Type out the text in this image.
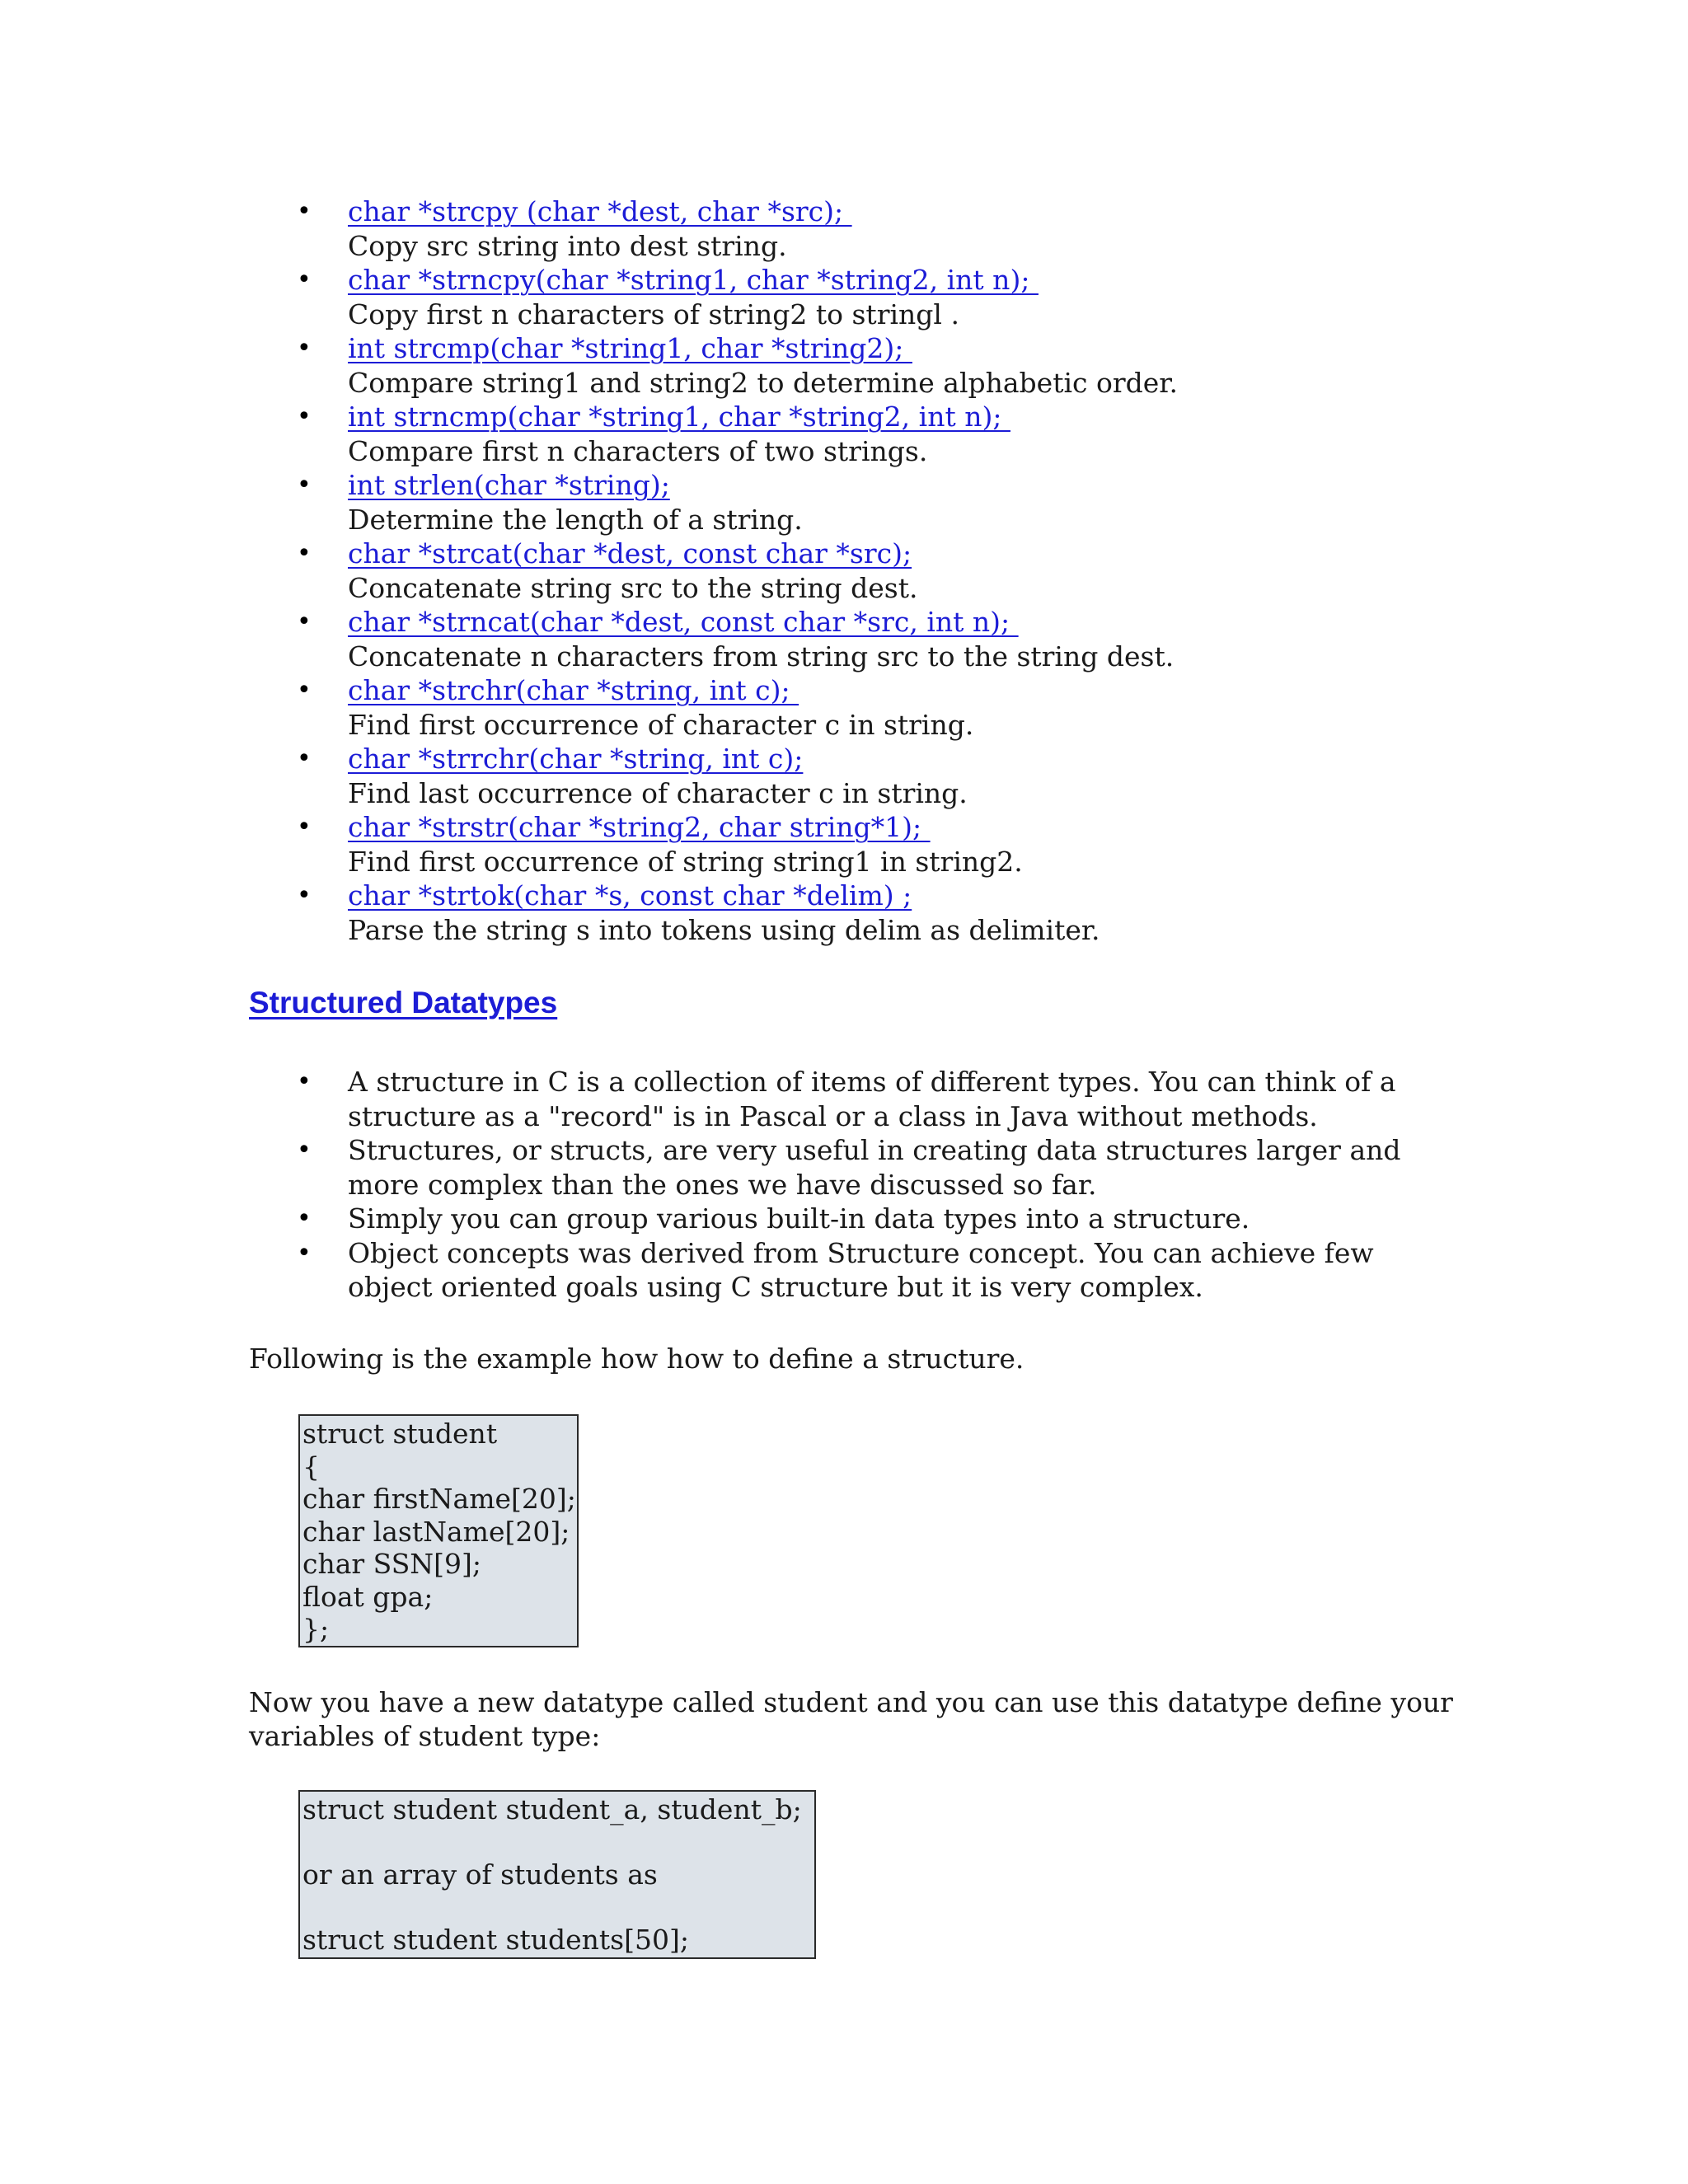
• char *strcpy (char *dest, char *src);
Copy src string into dest string.
• char *strncpy(char *string1, char *string2, int n);
Copy first n characters of string2 to stringl .
• int strcmp(char *string1, char *string2);
Compare string1 and string2 to determine alphabetic order.
• int strncmp(char *string1, char *string2, int n);
Compare first n characters of two strings.
• int strlen(char *string);
Determine the length of a string.
• char *strcat(char *dest, const char *src);
Concatenate string src to the string dest.
• char *strncat(char *dest, const char *src, int n);
Concatenate n characters from string src to the string dest.
• char *strchr(char *string, int c);
Find first occurrence of character c in string.
• char *strrchr(char *string, int c);
Find last occurrence of character c in string.
• char *strstr(char *string2, char string*1);
Find first occurrence of string string1 in string2.
• char *strtok(char *s, const char *delim) ;
Parse the string s into tokens using delim as delimiter.
Structured Datatypes
• A structure in C is a collection of items of different types. You can think of a structure as a "record" is in Pascal or a class in Java without methods.
• Structures, or structs, are very useful in creating data structures larger and more complex than the ones we have discussed so far.
• Simply you can group various built-in data types into a structure.
• Object concepts was derived from Structure concept. You can achieve few object oriented goals using C structure but it is very complex.

Following is the example how how to define a structure.

struct student
{
char firstName[20];
char lastName[20];
char SSN[9];
float gpa;
};

Now you have a new datatype called student and you can use this datatype define your variables of student type:

struct student student_a, student_b;
or an array of students as
struct student students[50];
